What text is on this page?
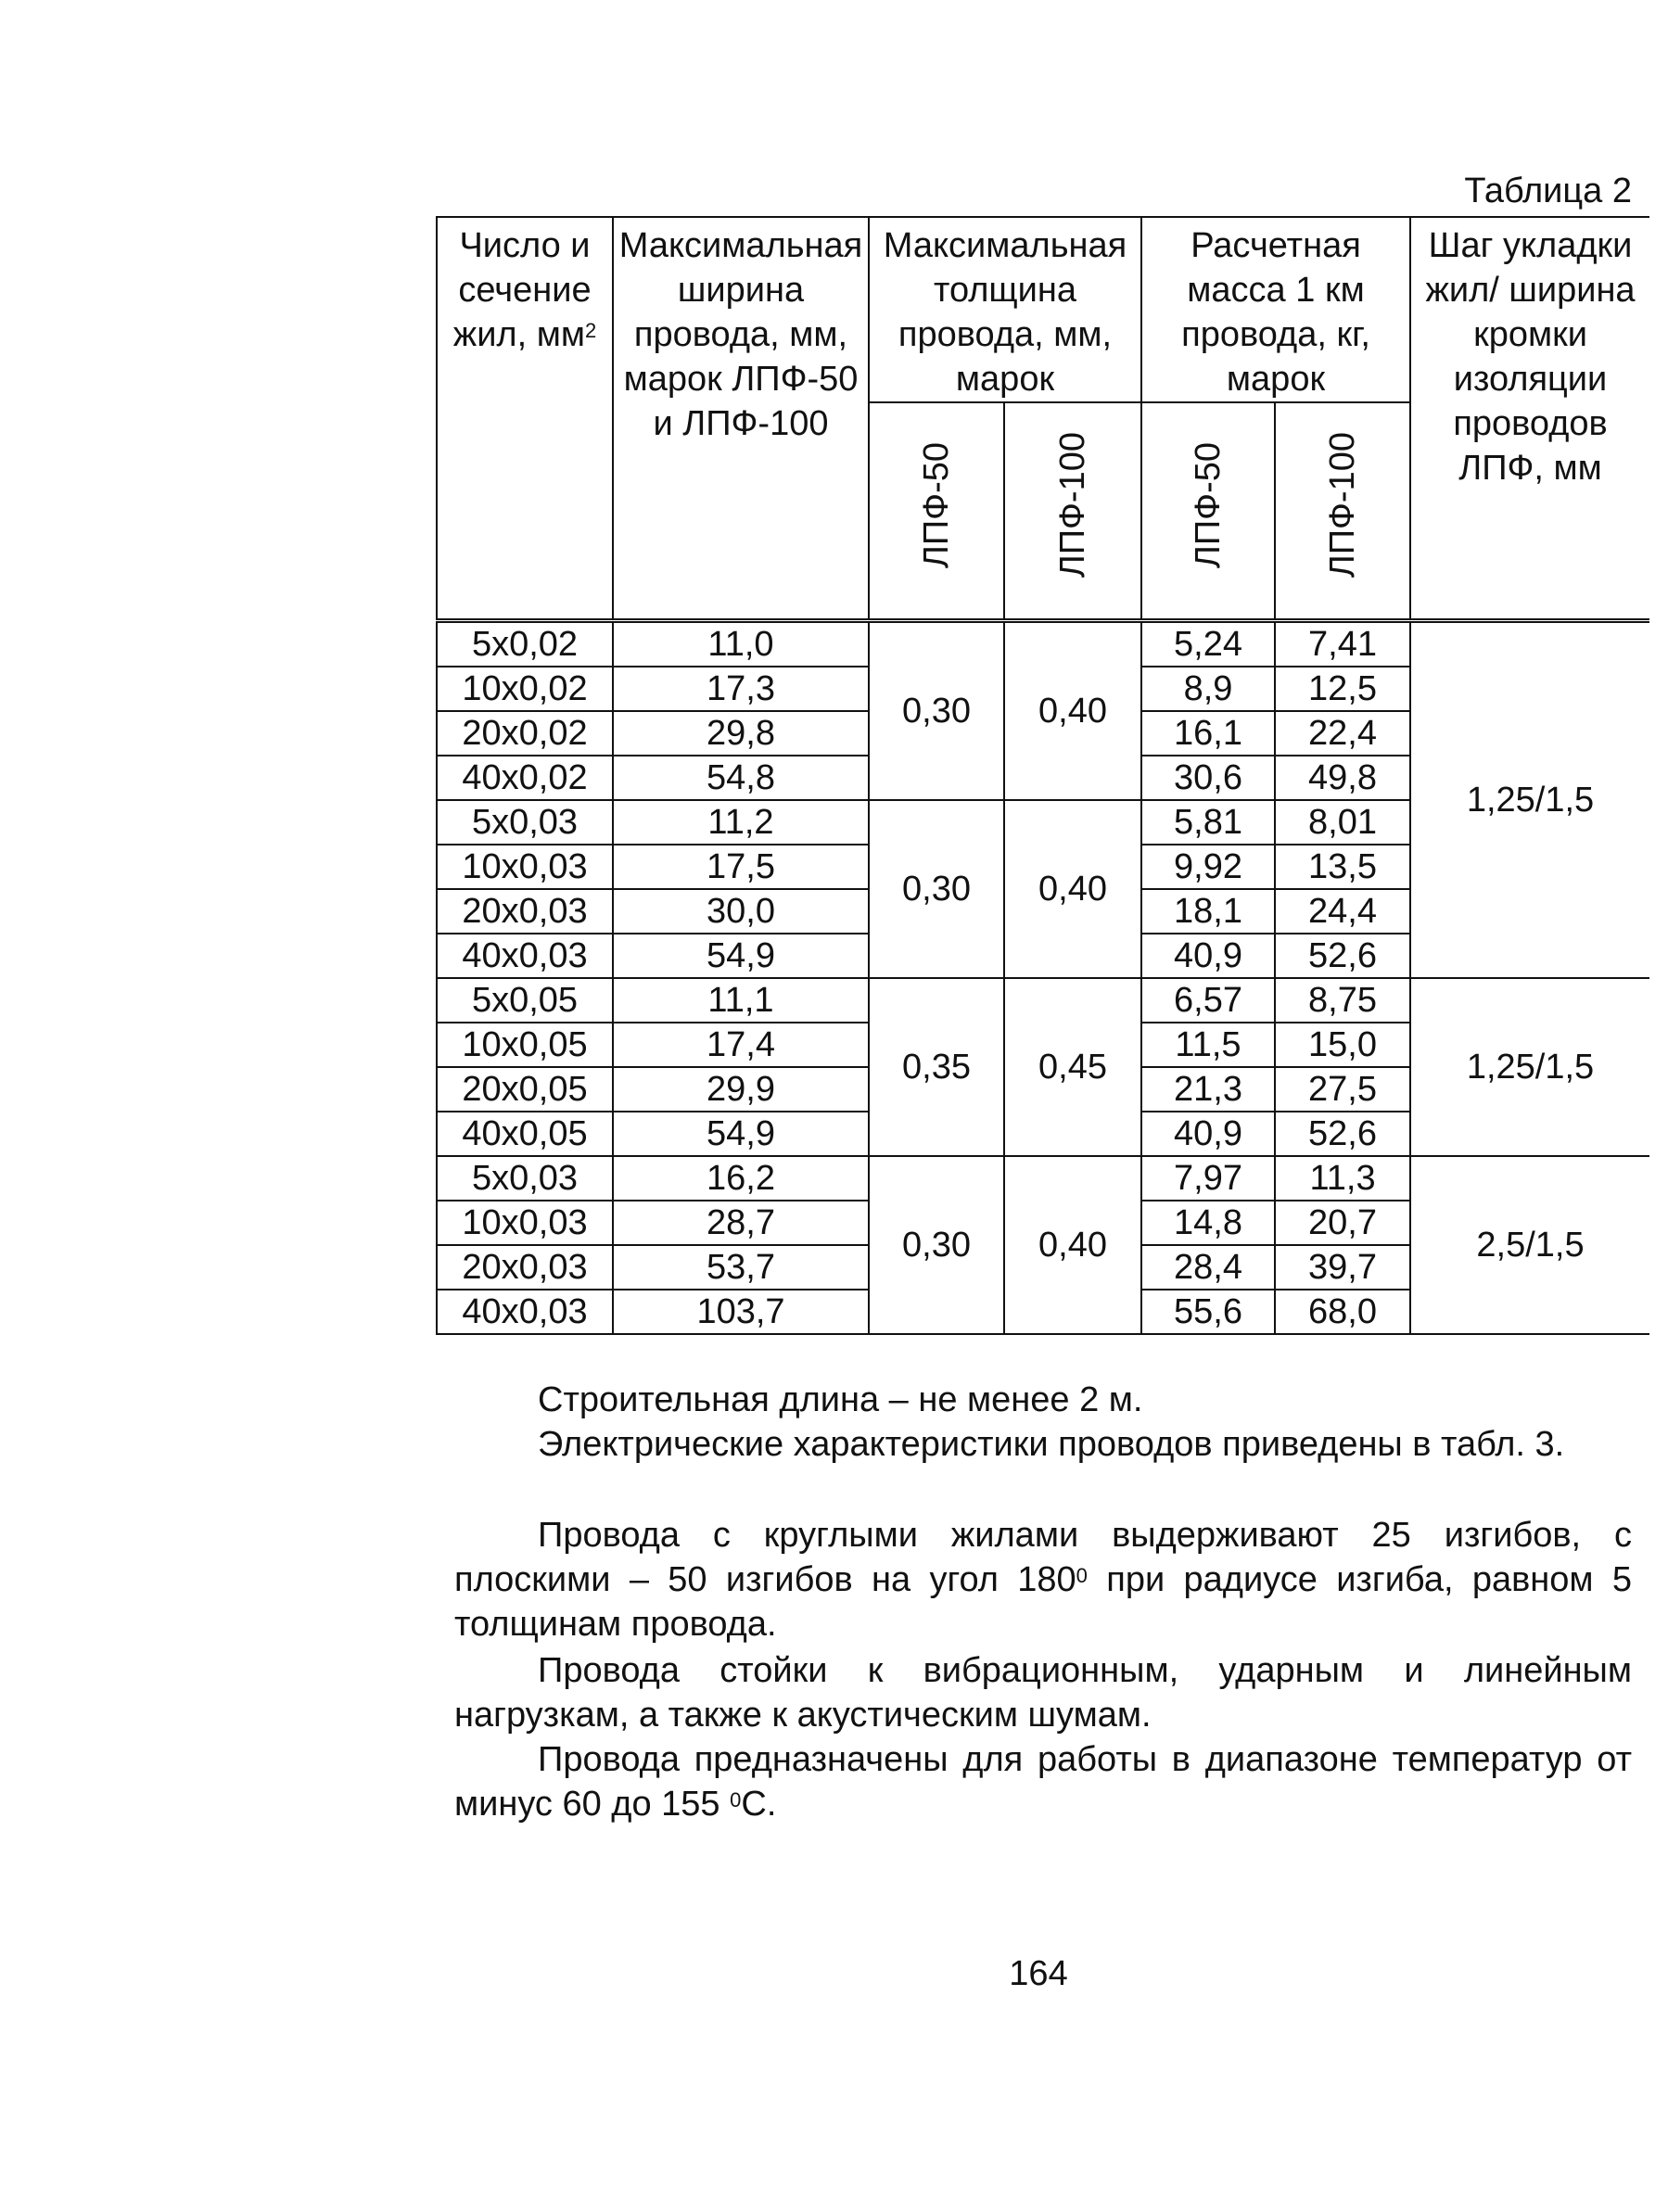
Таблица 2
Число и сечение жил, $мм^2$	Максимальная ширина провода, мм, марок ЛПФ-50 и ЛПФ-100	Максимальная толщина провода, мм, марок		Расчетная масса 1 км провода, кг, марок		Шаг укладки жил/ ширина кромки изоляции проводов ЛПФ, мм
		ЛПФ-50	ЛПФ-100	ЛПФ-50	ЛПФ-100	
5х0,02	11,0	0,30	0,40	5,24	7,41	1,25/1,5
10х0,02	17,3			8,9	12,5	
20х0,02	29,8			16,1	22,4	
40х0,02	54,8			30,6	49,8	
5х0,03	11,2	0,30	0,40	5,81	8,01	
10х0,03	17,5			9,92	13,5	
20х0,03	30,0			18,1	24,4	
40х0,03	54,9			40,9	52,6	
5х0,05	11,1	0,35	0,45	6,57	8,75	1,25/1,5
10х0,05	17,4			11,5	15,0	
20х0,05	29,9			21,3	27,5	
40х0,05	54,9			40,9	52,6	
5х0,03	16,2	0,30	0,40	7,97	11,3	2,5/1,5
10х0,03	28,7			14,8	20,7	
20х0,03	53,7			28,4	39,7	
40х0,03	103,7			55,6	68,0	

Строительная длина – не менее 2 м.

Электрические характеристики проводов приведены в табл. 3.

Провода с круглыми жилами выдерживают 25 изгибов, с плоскими – 50 изгибов на угол $180^0$ при радиусе изгиба, равном 5 толщинам провода.

Провода стойки к вибрационным, ударным и линейным нагрузкам, а также к акустическим шумам.

Провода предназначены для работы в диапазоне температур от минус 60 до 155 $^0$С.

164
